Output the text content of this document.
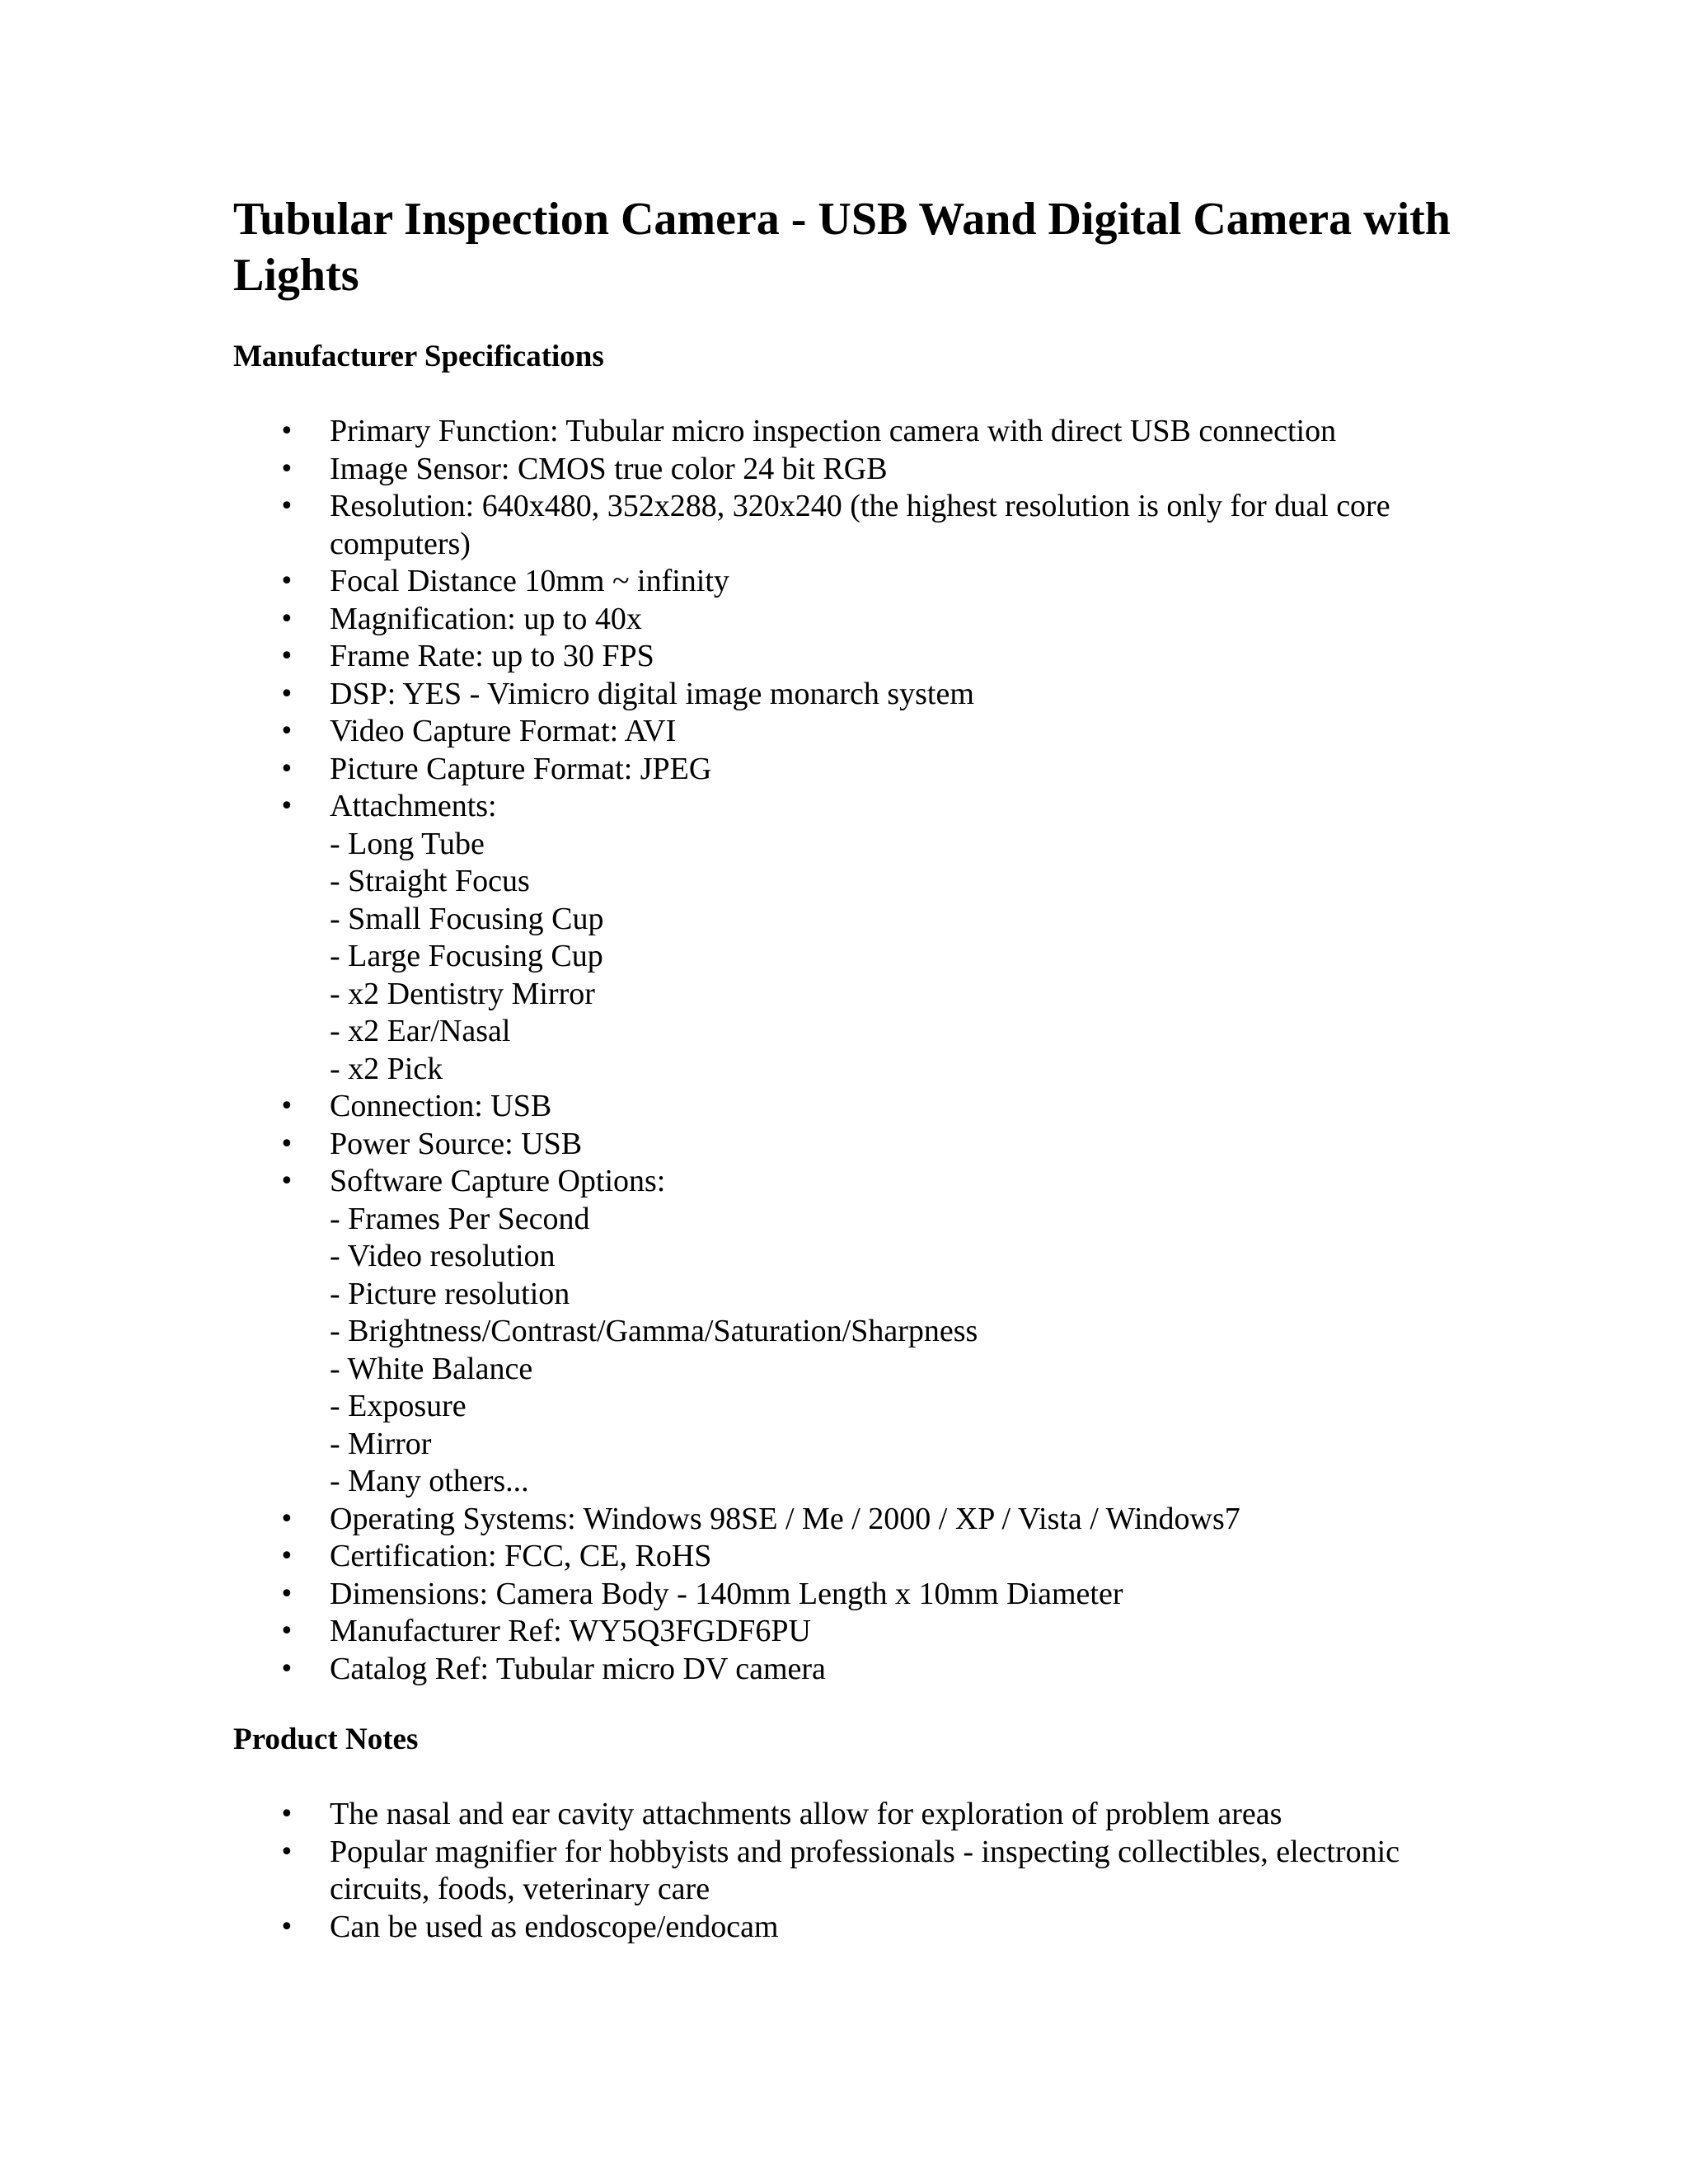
Tubular Inspection Camera - USB Wand Digital Camera with Lights
Manufacturer Specifications
• Primary Function: Tubular micro inspection camera with direct USB connection
• Image Sensor: CMOS true color 24 bit RGB
• Resolution: 640x480, 352x288, 320x240 (the highest resolution is only for dual core computers)
• Focal Distance 10mm ~ infinity
• Magnification: up to 40x
• Frame Rate: up to 30 FPS
• DSP: YES - Vimicro digital image monarch system
• Video Capture Format: AVI
• Picture Capture Format: JPEG
• Attachments:
- Long Tube
- Straight Focus
- Small Focusing Cup
- Large Focusing Cup
- x2 Dentistry Mirror
- x2 Ear/Nasal
- x2 Pick
• Connection: USB
• Power Source: USB
• Software Capture Options:
- Frames Per Second
- Video resolution
- Picture resolution
- Brightness/Contrast/Gamma/Saturation/Sharpness
- White Balance
- Exposure
- Mirror
- Many others...
• Operating Systems: Windows 98SE / Me / 2000 / XP / Vista / Windows7
• Certification: FCC, CE, RoHS
• Dimensions: Camera Body - 140mm Length x 10mm Diameter
• Manufacturer Ref: WY5Q3FGDF6PU
• Catalog Ref: Tubular micro DV camera
Product Notes
• The nasal and ear cavity attachments allow for exploration of problem areas
• Popular magnifier for hobbyists and professionals - inspecting collectibles, electronic circuits, foods, veterinary care
• Can be used as endoscope/endocam
